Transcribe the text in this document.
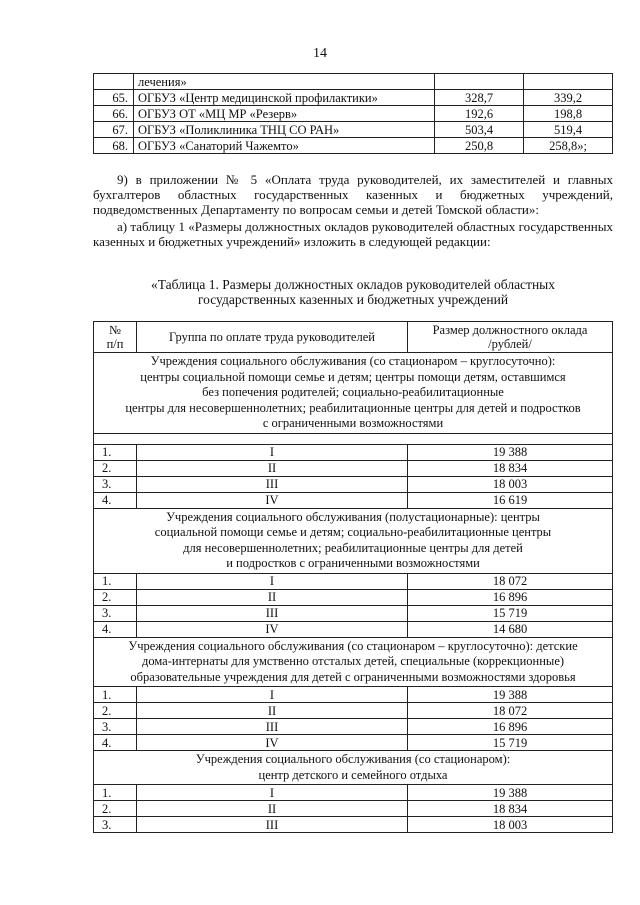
14
	лечения»		
65.	ОГБУЗ «Центр медицинской профилактики»	328,7	339,2
66.	ОГБУЗ ОТ «МЦ МР «Резерв»	192,6	198,8
67.	ОГБУЗ «Поликлиника ТНЦ СО РАН»	503,4	519,4
68.	ОГБУЗ «Санаторий Чажемто»	250,8	258,8»;

9) в приложении № 5 «Оплата труда руководителей, их заместителей и главных бухгалтеров областных государственных казенных и бюджетных учреждений, подведомственных Департаменту по вопросам семьи и детей Томской области»:

а) таблицу 1 «Размеры должностных окладов руководителей областных государственных казенных и бюджетных учреждений» изложить в следующей редакции:

«Таблица 1. Размеры должностных окладов руководителей областных
государственных казенных и бюджетных учреждений
№
п/п	Группа по оплате труда руководителей	Размер должностного оклада
/рублей/

Учреждения социального обслуживания (со стационаром – круглосуточно):
центры социальной помощи семье и детям; центры помощи детям, оставшимся
без попечения родителей; социально-реабилитационные
центры для несовершеннолетних; реабилитационные центры для детей и подростков
с ограниченными возможностями		

1.	I	19 388
2.	II	18 834
3.	III	18 003
4.	IV	16 619

Учреждения социального обслуживания (полустационарные): центры
социальной помощи семье и детям; социально-реабилитационные центры
для несовершеннолетних; реабилитационные центры для детей
и подростков с ограниченными возможностями		

1.	I	18 072
2.	II	16 896
3.	III	15 719
4.	IV	14 680

Учреждения социального обслуживания (со стационаром – круглосуточно): детские
дома-интернаты для умственно отсталых детей, специальные (коррекционные)
образовательные учреждения для детей с ограниченными возможностями здоровья		

1.	I	19 388
2.	II	18 072
3.	III	16 896
4.	IV	15 719

Учреждения социального обслуживания (со стационаром):
центр детского и семейного отдыха		

1.	I	19 388
2.	II	18 834
3.	III	18 003
